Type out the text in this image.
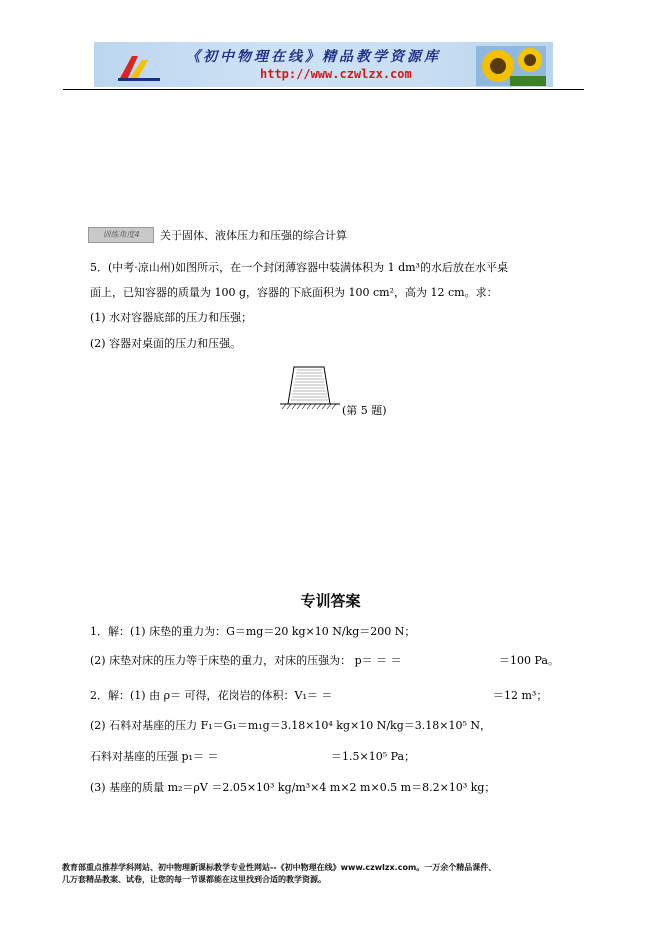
《初中物理在线》精品教学资源库
http://www.czwlzx.com
训练角度4	关于固体、液体压力和压强的综合计算
5．(中考·凉山州)如图所示，在一个封闭薄容器中装满体积为 1 dm³的水后放在水平桌
面上，已知容器的质量为 100 g，容器的下底面积为 100 cm²，高为 12 cm。求：
(1) 水对容器底部的压力和压强；
(2) 容器对桌面的压力和压强。
(第 5 题)
专训答案
1．解：(1) 床垫的重力为：G＝mg＝20 kg×10 N/kg＝200 N；
(2) 床垫对床的压力等于床垫的重力，对床的压强为： p＝ ＝ ＝	＝100 Pa。
2．解：(1) 由 ρ＝ 可得，花岗岩的体积：V₁＝ ＝	＝12 m³；
(2) 石料对基座的压力 F₁＝G₁＝m₁g＝3.18×10⁴ kg×10 N/kg＝3.18×10⁵ N，
石料对基座的压强 p₁＝ ＝	＝1.5×10⁵ Pa；
(3) 基座的质量 m₂＝ρV ＝2.05×10³ kg/m³×4 m×2 m×0.5 m＝8.2×10³ kg；
教育部重点推荐学科网站、初中物理新课标教学专业性网站--《初中物理在线》www.czwlzx.com。一万余个精品课件、
几万套精品教案、试卷，让您的每一节课都能在这里找到合适的教学资源。
